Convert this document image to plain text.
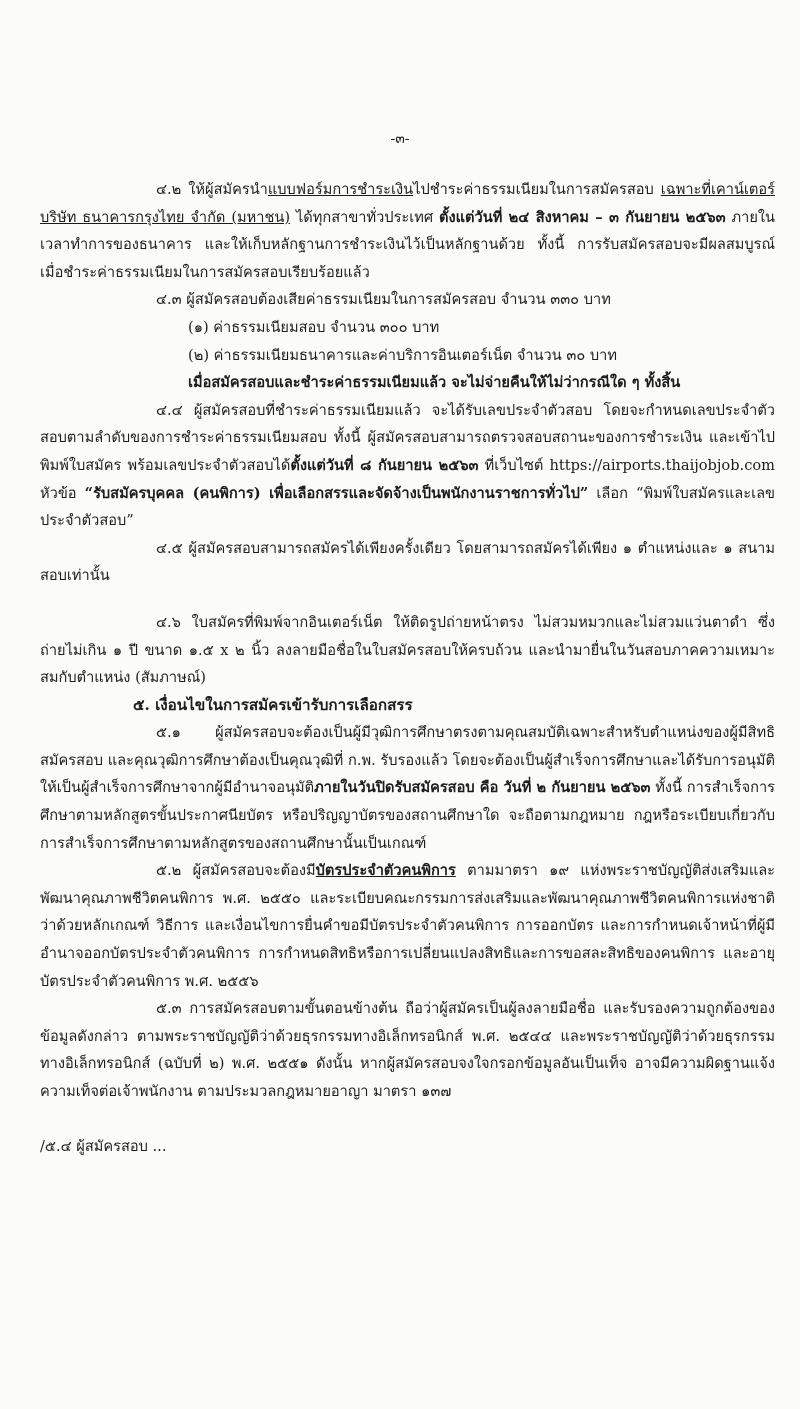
-๓-

๔.๒ ให้ผู้สมัครนำแบบฟอร์มการชำระเงินไปชำระค่าธรรมเนียมในการสมัครสอบ เฉพาะที่เคาน์เตอร์ บริษัท ธนาคารกรุงไทย จำกัด (มหาชน) ได้ทุกสาขาทั่วประเทศ ตั้งแต่วันที่ ๒๔ สิงหาคม – ๓ กันยายน ๒๕๖๓ ภายในเวลาทำการของธนาคาร และให้เก็บหลักฐานการชำระเงินไว้เป็นหลักฐานด้วย ทั้งนี้ การรับสมัครสอบจะมีผลสมบูรณ์ เมื่อชำระค่าธรรมเนียมในการสมัครสอบเรียบร้อยแล้ว

๔.๓ ผู้สมัครสอบต้องเสียค่าธรรมเนียมในการสมัครสอบ จำนวน ๓๓๐ บาท

(๑) ค่าธรรมเนียมสอบ จำนวน ๓๐๐ บาท

(๒) ค่าธรรมเนียมธนาคารและค่าบริการอินเตอร์เน็ต จำนวน ๓๐ บาท

เมื่อสมัครสอบและชำระค่าธรรมเนียมแล้ว จะไม่จ่ายคืนให้ไม่ว่ากรณีใด ๆ ทั้งสิ้น

๔.๔ ผู้สมัครสอบที่ชำระค่าธรรมเนียมแล้ว จะได้รับเลขประจำตัวสอบ โดยจะกำหนดเลขประจำตัวสอบตามลำดับของการชำระค่าธรรมเนียมสอบ ทั้งนี้ ผู้สมัครสอบสามารถตรวจสอบสถานะของการชำระเงิน และเข้าไปพิมพ์ใบสมัคร พร้อมเลขประจำตัวสอบได้ตั้งแต่วันที่ ๘ กันยายน ๒๕๖๓ ที่เว็บไซต์ https://airports.thaijobjob.com หัวข้อ “รับสมัครบุคคล (คนพิการ) เพื่อเลือกสรรและจัดจ้างเป็นพนักงานราชการทั่วไป” เลือก “พิมพ์ใบสมัครและเลขประจำตัวสอบ”

๔.๕ ผู้สมัครสอบสามารถสมัครได้เพียงครั้งเดียว โดยสามารถสมัครได้เพียง ๑ ตำแหน่งและ ๑ สนามสอบเท่านั้น

๔.๖ ใบสมัครที่พิมพ์จากอินเตอร์เน็ต ให้ติดรูปถ่ายหน้าตรง ไม่สวมหมวกและไม่สวมแว่นตาดำ ซึ่งถ่ายไม่เกิน ๑ ปี ขนาด ๑.๕ x ๒ นิ้ว ลงลายมือชื่อในใบสมัครสอบให้ครบถ้วน และนำมายื่นในวันสอบภาคความเหมาะสมกับตำแหน่ง (สัมภาษณ์)

๕. เงื่อนไขในการสมัครเข้ารับการเลือกสรร

๕.๑ ผู้สมัครสอบจะต้องเป็นผู้มีวุฒิการศึกษาตรงตามคุณสมบัติเฉพาะสำหรับตำแหน่งของผู้มีสิทธิสมัครสอบ และคุณวุฒิการศึกษาต้องเป็นคุณวุฒิที่ ก.พ. รับรองแล้ว โดยจะต้องเป็นผู้สำเร็จการศึกษาและได้รับการอนุมัติให้เป็นผู้สำเร็จการศึกษาจากผู้มีอำนาจอนุมัติภายในวันปิดรับสมัครสอบ คือ วันที่ ๒ กันยายน ๒๕๖๓ ทั้งนี้ การสำเร็จการศึกษาตามหลักสูตรขั้นประกาศนียบัตร หรือปริญญาบัตรของสถานศึกษาใด จะถือตามกฎหมาย กฎหรือระเบียบเกี่ยวกับการสำเร็จการศึกษาตามหลักสูตรของสถานศึกษานั้นเป็นเกณฑ์

๕.๒ ผู้สมัครสอบจะต้องมีบัตรประจำตัวคนพิการ ตามมาตรา ๑๙ แห่งพระราชบัญญัติส่งเสริมและพัฒนาคุณภาพชีวิตคนพิการ พ.ศ. ๒๕๕๐ และระเบียบคณะกรรมการส่งเสริมและพัฒนาคุณภาพชีวิตคนพิการแห่งชาติ ว่าด้วยหลักเกณฑ์ วิธีการ และเงื่อนไขการยื่นคำขอมีบัตรประจำตัวคนพิการ การออกบัตร และการกำหนดเจ้าหน้าที่ผู้มีอำนาจออกบัตรประจำตัวคนพิการ การกำหนดสิทธิหรือการเปลี่ยนแปลงสิทธิและการขอสละสิทธิของคนพิการ และอายุบัตรประจำตัวคนพิการ พ.ศ. ๒๕๕๖

๕.๓ การสมัครสอบตามขั้นตอนข้างต้น ถือว่าผู้สมัครเป็นผู้ลงลายมือชื่อ และรับรองความถูกต้องของข้อมูลดังกล่าว ตามพระราชบัญญัติว่าด้วยธุรกรรมทางอิเล็กทรอนิกส์ พ.ศ. ๒๕๔๔ และพระราชบัญญัติว่าด้วยธุรกรรมทางอิเล็กทรอนิกส์ (ฉบับที่ ๒) พ.ศ. ๒๕๕๑ ดังนั้น หากผู้สมัครสอบจงใจกรอกข้อมูลอันเป็นเท็จ อาจมีความผิดฐานแจ้งความเท็จต่อเจ้าพนักงาน ตามประมวลกฎหมายอาญา มาตรา ๑๓๗

/๕.๔ ผู้สมัครสอบ ...
